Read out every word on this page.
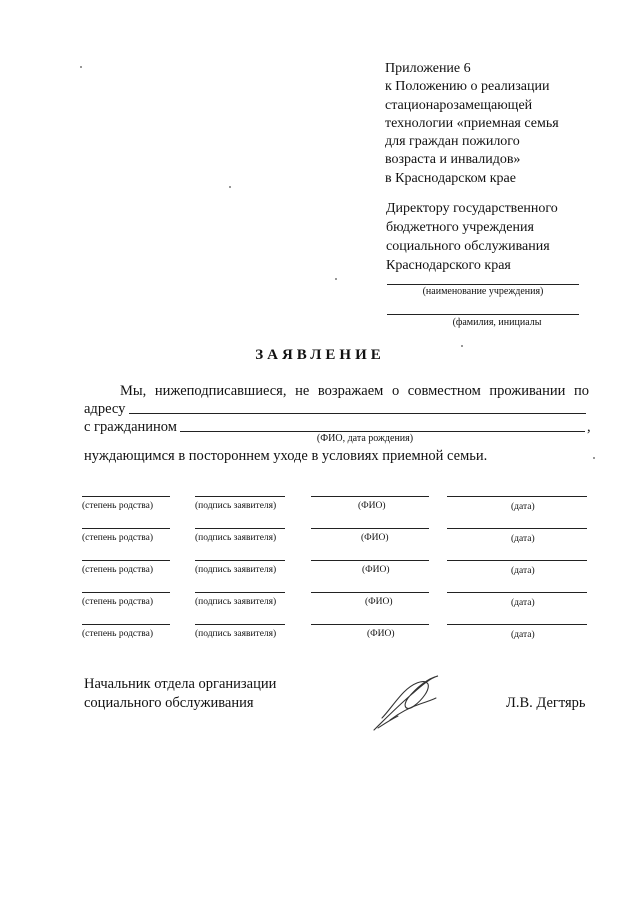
Приложение 6
к Положению о реализации
стационарозамещающей
технологии «приемная семья
для граждан пожилого
возраста и инвалидов»
в Краснодарском крае
Директору государственного
бюджетного учреждения
социального обслуживания
Краснодарского края
(наименование учреждения)
(фамилия, инициалы
ЗАЯВЛЕНИЕ
Мы, нижеподписавшиеся, не возражаем о совместном проживании по
адресу
с гражданином	,
(ФИО, дата рождения)
нуждающимся в постороннем уходе в условиях приемной семьи.
(степень родства)	(подпись заявителя)	(ФИО)	(дата)
(степень родства)	(подпись заявителя)	(ФИО)	(дата)
(степень родства)	(подпись заявителя)	(ФИО)	(дата)
(степень родства)	(подпись заявителя)	(ФИО)	(дата)
(степень родства)	(подпись заявителя)	(ФИО)	(дата)
Начальник отдела организации
социального обслуживания	Л.В. Дегтярь
